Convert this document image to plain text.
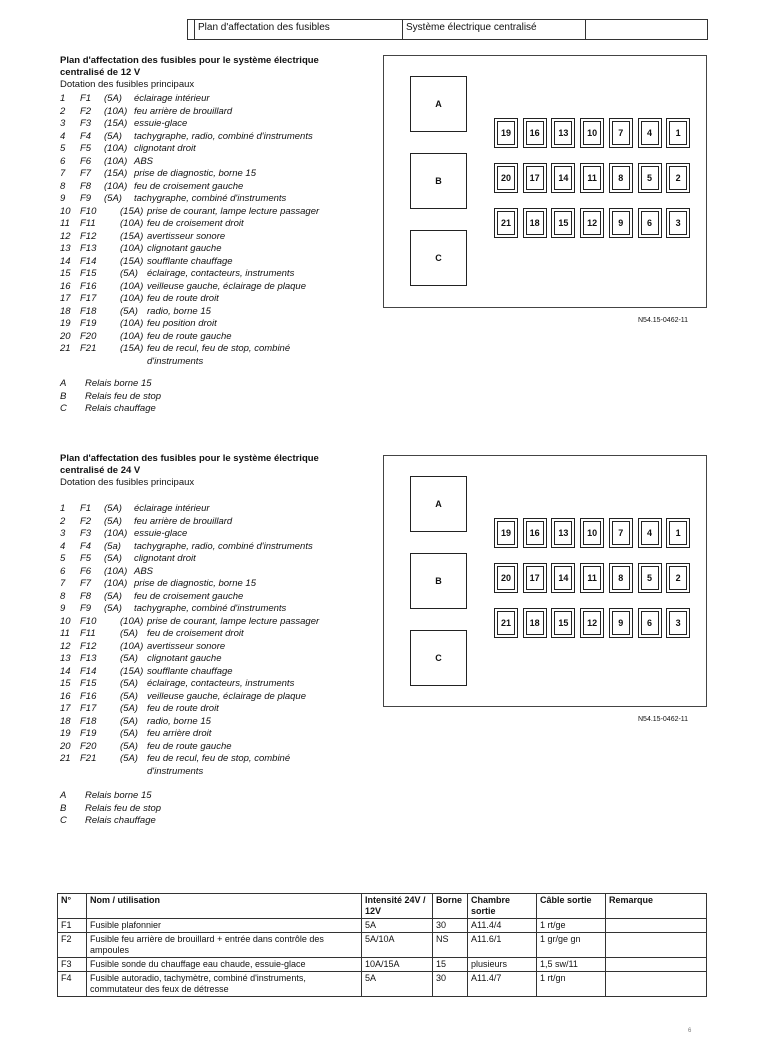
Plan d'affectation des fusibles	Système électrique centralisé
Plan d'affectation des fusibles pour le système électrique centralisé de 12 V
Dotation des fusibles principaux
1 F1 (5A) éclairage intérieur
2 F2 (10A) feu arrière de brouillard
3 F3 (15A) essuie-glace
4 F4 (5A) tachygraphe, radio, combiné d'instruments
5 F5 (10A) clignotant droit
6 F6 (10A) ABS
7 F7 (15A) prise de diagnostic, borne 15
8 F8 (10A) feu de croisement gauche
9 F9 (5A) tachygraphe, combiné d'instruments
10 F10 (15A) prise de courant, lampe lecture passager
11 F11	(10A) feu de croisement droit
12 F12 (15A) avertisseur sonore
13 F13 (10A) clignotant gauche
14 F14 (15A) soufflante chauffage
15 F15 (5A) éclairage, contacteurs, instruments
16 F16 (10A) veilleuse gauche, éclairage de plaque
17 F17 (10A) feu de route droit
18 F18 (5A) radio, borne 15
19 F19 (10A) feu position droit
20 F20 (10A) feu de route gauche
21 F21 (15A) feu de recul, feu de stop, combiné
d'instruments
A Relais borne 15
B Relais feu de stop
C Relais chauffage
Plan d'affectation des fusibles pour le système électrique centralisé de 24 V
Dotation des fusibles principaux
1 F1 (5A) éclairage intérieur
2 F2 (5A) feu arrière de brouillard
3 F3 (10A) essuie-glace
4 F4 (5a) tachygraphe, radio, combiné d'instruments
5 F5 (5A) clignotant droit
6 F6 (10A) ABS
7 F7 (10A) prise de diagnostic, borne 15
8 F8 (5A) feu de croisement gauche
9 F9 (5A) tachygraphe, combiné d'instruments
10 F10 (10A) prise de courant, lampe lecture passager
11 F11	(5A) feu de croisement droit
12 F12 (10A) avertisseur sonore
13 F13 (5A) clignotant gauche
14 F14 (15A) soufflante chauffage
15 F15 (5A) éclairage, contacteurs, instruments
16 F16 (5A) veilleuse gauche, éclairage de plaque
17 F17 (5A) feu de route droit
18 F18 (5A) radio, borne 15
19 F19 (5A) feu arrière droit
20 F20 (5A) feu de route gauche
21 F21 (5A) feu de recul, feu de stop, combiné
d'instruments
A Relais borne 15
B Relais feu de stop
C Relais chauffage
A
B
C
19	16	13	10	7	4	1
20	17	14	11	8	5	2
21	18	15	12	9	6	3
N54.15-0462-11
A
B
C
19	16	13	10	7	4	1
20	17	14	11	8	5	2
21	18	15	12	9	6	3
N54.15-0462-11
N°	Nom / utilisation	Intensité 24V / 12V	Borne	Chambre sortie	Câble sortie	Remarque
F1	Fusible plafonnier	5A	30	A11.4/4	1 rt/ge	
F2	Fusible feu arrière de brouillard + entrée dans contrôle des ampoules	5A/10A	NS	A11.6/1	1 gr/ge gn	
F3	Fusible sonde du chauffage eau chaude, essuie-glace	10A/15A	15	plusieurs	1,5 sw/11	
F4	Fusible autoradio, tachymètre, combiné d'instruments, commutateur des feux de détresse	5A	30	A11.4/7	1 rt/gn	
6
